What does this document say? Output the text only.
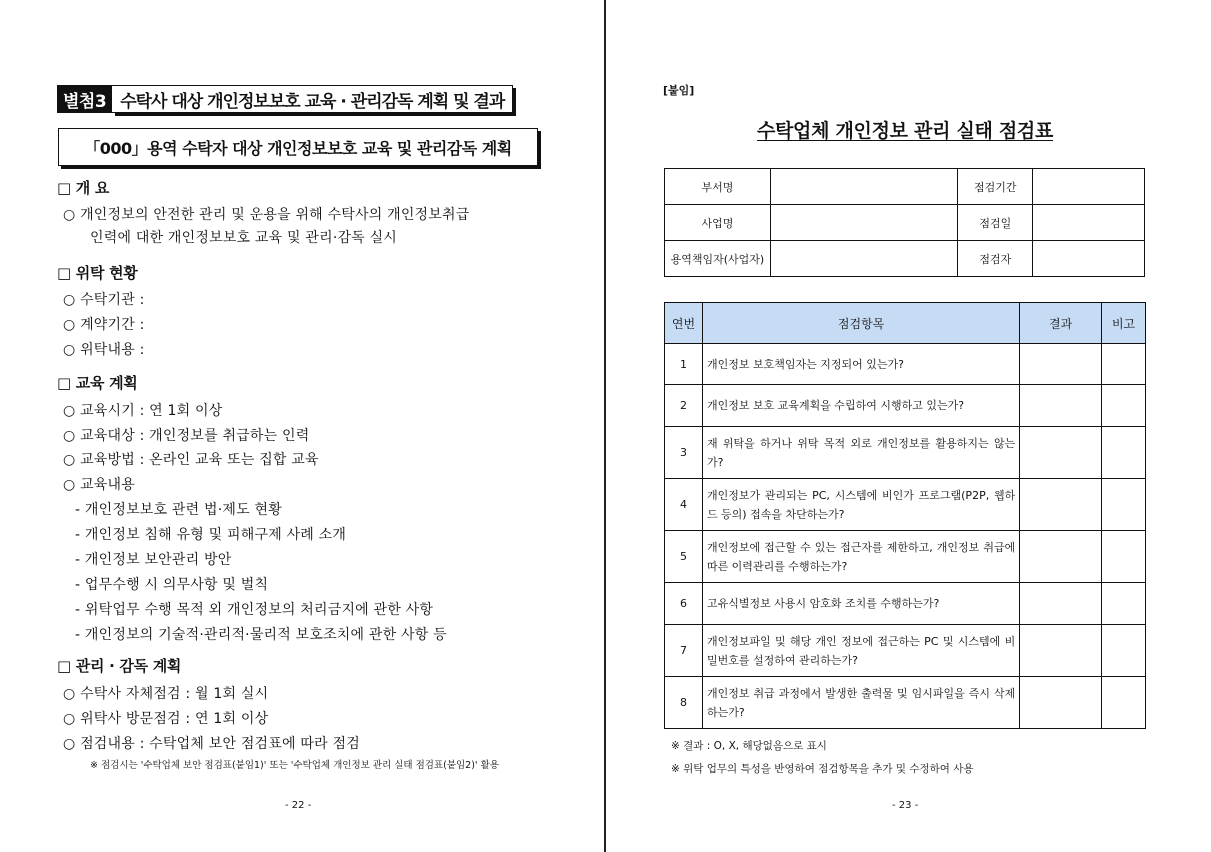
별첨3 수탁사 대상 개인정보보호 교육 · 관리감독 계획 및 결과
「000」용역 수탁자 대상 개인정보보호 교육 및 관리감독 계획
□ 개 요
○ 개인정보의 안전한 관리 및 운용을 위해 수탁사의 개인정보취급
인력에 대한 개인정보보호 교육 및 관리·감독 실시
□ 위탁 현황
○ 수탁기관 :
○ 계약기간 :
○ 위탁내용 :
□ 교육 계획
○ 교육시기 : 연 1회 이상
○ 교육대상 : 개인정보를 취급하는 인력
○ 교육방법 : 온라인 교육 또는 집합 교육
○ 교육내용
- 개인정보보호 관련 법·제도 현황
- 개인정보 침해 유형 및 피해구제 사례 소개
- 개인정보 보안관리 방안
- 업무수행 시 의무사항 및 벌칙
- 위탁업무 수행 목적 외 개인정보의 처리금지에 관한 사항
- 개인정보의 기술적·관리적·물리적 보호조치에 관한 사항 등
□ 관리 · 감독 계획
○ 수탁사 자체점검 : 월 1회 실시
○ 위탁사 방문점검 : 연 1회 이상
○ 점검내용 : 수탁업체 보안 점검표에 따라 점검
※ 점검시는 '수탁업체 보안 점검표(붙임1)' 또는 '수탁업체 개인정보 관리 실태 점검표(붙임2)' 활용
- 22 -
[붙임]
수탁업체 개인정보 관리 실태 점검표
부서명		점검기간	
사업명		점검일	
용역책임자(사업자)		점검자	
연번	점검항목	결과	비고
1	개인정보 보호책임자는 지정되어 있는가?		
2	개인정보 보호 교육계획을 수립하여 시행하고 있는가?		
3	재 위탁을 하거나 위탁 목적 외로 개인정보를 활용하지는 않는가?		
4	개인정보가 관리되는 PC, 시스템에 비인가 프로그램(P2P, 웹하드 등의) 접속을 차단하는가?		
5	개인정보에 접근할 수 있는 접근자를 제한하고, 개인정보 취급에 따른 이력관리를 수행하는가?		
6	고유식별정보 사용시 암호화 조치를 수행하는가?		
7	개인정보파일 및 해당 개인 정보에 접근하는 PC 및 시스템에 비밀번호를 설정하여 관리하는가?		
8	개인정보 취급 과정에서 발생한 출력물 및 임시파일을 즉시 삭제하는가?		
※ 결과 : O, X, 해당없음으로 표시
※ 위탁 업무의 특성을 반영하여 점검항목을 추가 및 수정하여 사용
- 23 -
